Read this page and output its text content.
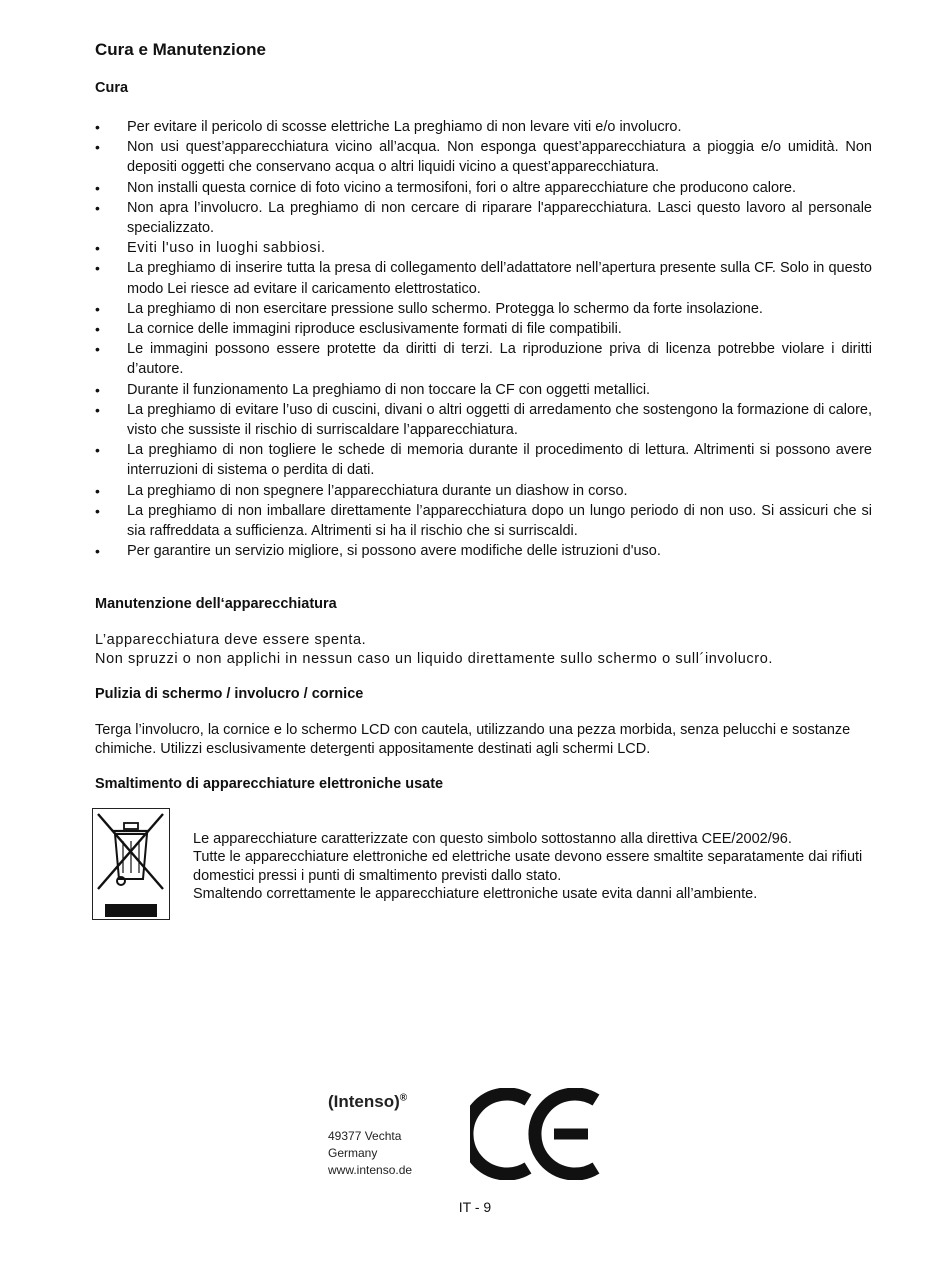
Cura e Manutenzione
Cura
• Per evitare il pericolo di scosse elettriche La preghiamo di non levare viti e/o involucro.
• Non usi quest’apparecchiatura vicino all’acqua. Non esponga quest’apparecchiatura a pioggia e/o umidità. Non depositi oggetti che conservano acqua o altri liquidi vicino a quest’apparecchiatura.
• Non installi questa cornice di foto vicino a termosifoni, fori o altre apparecchiature che producono calore.
• Non apra l’involucro. La preghiamo di non cercare di riparare l'apparecchiatura. Lasci questo lavoro al personale specializzato.
• Eviti l'uso in luoghi sabbiosi.
• La preghiamo di inserire tutta la presa di collegamento dell’adattatore nell’apertura presente sulla CF. Solo in questo modo Lei riesce ad evitare il caricamento elettrostatico.
• La preghiamo di non esercitare pressione sullo schermo. Protegga lo schermo da forte insolazione.
• La cornice delle immagini riproduce esclusivamente formati di file compatibili.
• Le immagini possono essere protette da diritti di terzi. La riproduzione priva di licenza potrebbe violare i diritti d’autore.
• Durante il funzionamento La preghiamo di non toccare la CF con oggetti metallici.
• La preghiamo di evitare l’uso di cuscini, divani o altri oggetti di arredamento che sostengono la formazione di calore, visto che sussiste il rischio di surriscaldare l’apparecchiatura.
• La preghiamo di non togliere le schede di memoria durante il procedimento di lettura. Altrimenti si possono avere interruzioni di sistema o perdita di dati.
• La preghiamo di non spegnere l’apparecchiatura durante un diashow in corso.
• La preghiamo di non imballare direttamente l’apparecchiatura dopo un lungo periodo di non uso. Si assicuri che si sia raffreddata a sufficienza. Altrimenti si ha il rischio che si surriscaldi.
• Per garantire un servizio migliore, si possono avere modifiche delle istruzioni d'uso.
Manutenzione dell‘apparecchiatura

L’apparecchiatura deve essere spenta.

Non spruzzi o non applichi in nessun caso un liquido direttamente sullo schermo o sull´involucro.

Pulizia di schermo / involucro / cornice

Terga l’involucro, la cornice e lo schermo LCD con cautela, utilizzando una pezza morbida, senza pelucchi e sostanze chimiche. Utilizzi esclusivamente detergenti appositamente destinati agli schermi LCD.

Smaltimento di apparecchiature elettroniche usate
Le apparecchiature caratterizzate con questo simbolo sottostanno alla direttiva CEE/2002/96.
Tutte le apparecchiature elettroniche ed elettriche usate devono essere smaltite separatamente dai rifiuti domestici pressi i punti di smaltimento previsti dallo stato.
Smaltendo correttamente le apparecchiature elettroniche usate evita danni all’ambiente.

(Intenso)®

49377 Vechta
Germany
www.intenso.de

IT - 9
